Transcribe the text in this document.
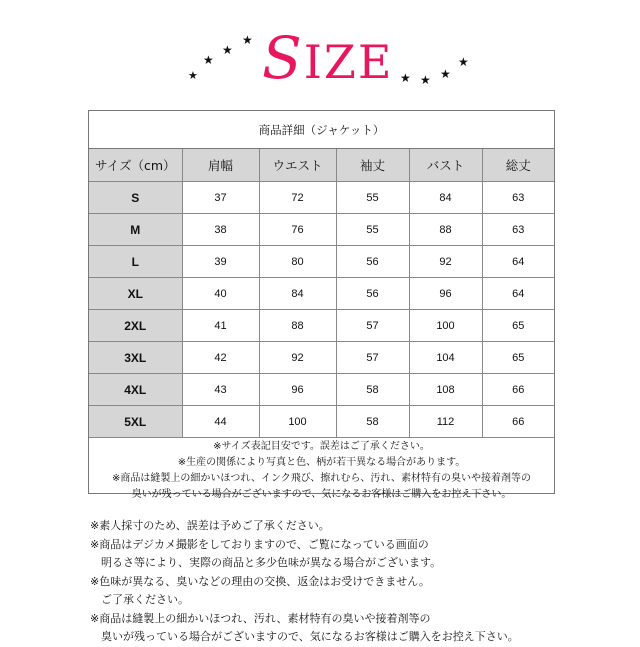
★
★
★
★ SIZE ★ ★ ★
★
商品詳細（ジャケット）
サイズ（cm）	肩幅	ウエスト	袖丈	バスト	総丈
S	37	72	55	84	63
M	38	76	55	88	63
L	39	80	56	92	64
XL	40	84	56	96	64
2XL	41	88	57	100	65
3XL	42	92	57	104	65
4XL	43	96	58	108	66
5XL	44	100	58	112	66
※サイズ表記目安です。誤差はご了承ください。
※生産の関係により写真と色、柄が若干異なる場合があります。
※商品は縫製上の細かいほつれ、インク飛び、擦れむら、汚れ、素材特有の臭いや接着剤等の
臭いが残っている場合がございますので、気になるお客様はご購入をお控え下さい。
※素人採寸のため、誤差は予めご了承ください。
※商品はデジカメ撮影をしておりますので、ご覧になっている画面の
　明るさ等により、実際の商品と多少色味が異なる場合がございます。
※色味が異なる、臭いなどの理由の交換、返金はお受けできません。
　ご了承ください。
※商品は縫製上の細かいほつれ、汚れ、素材特有の臭いや接着剤等の
　臭いが残っている場合がございますので、気になるお客様はご購入をお控え下さい。
